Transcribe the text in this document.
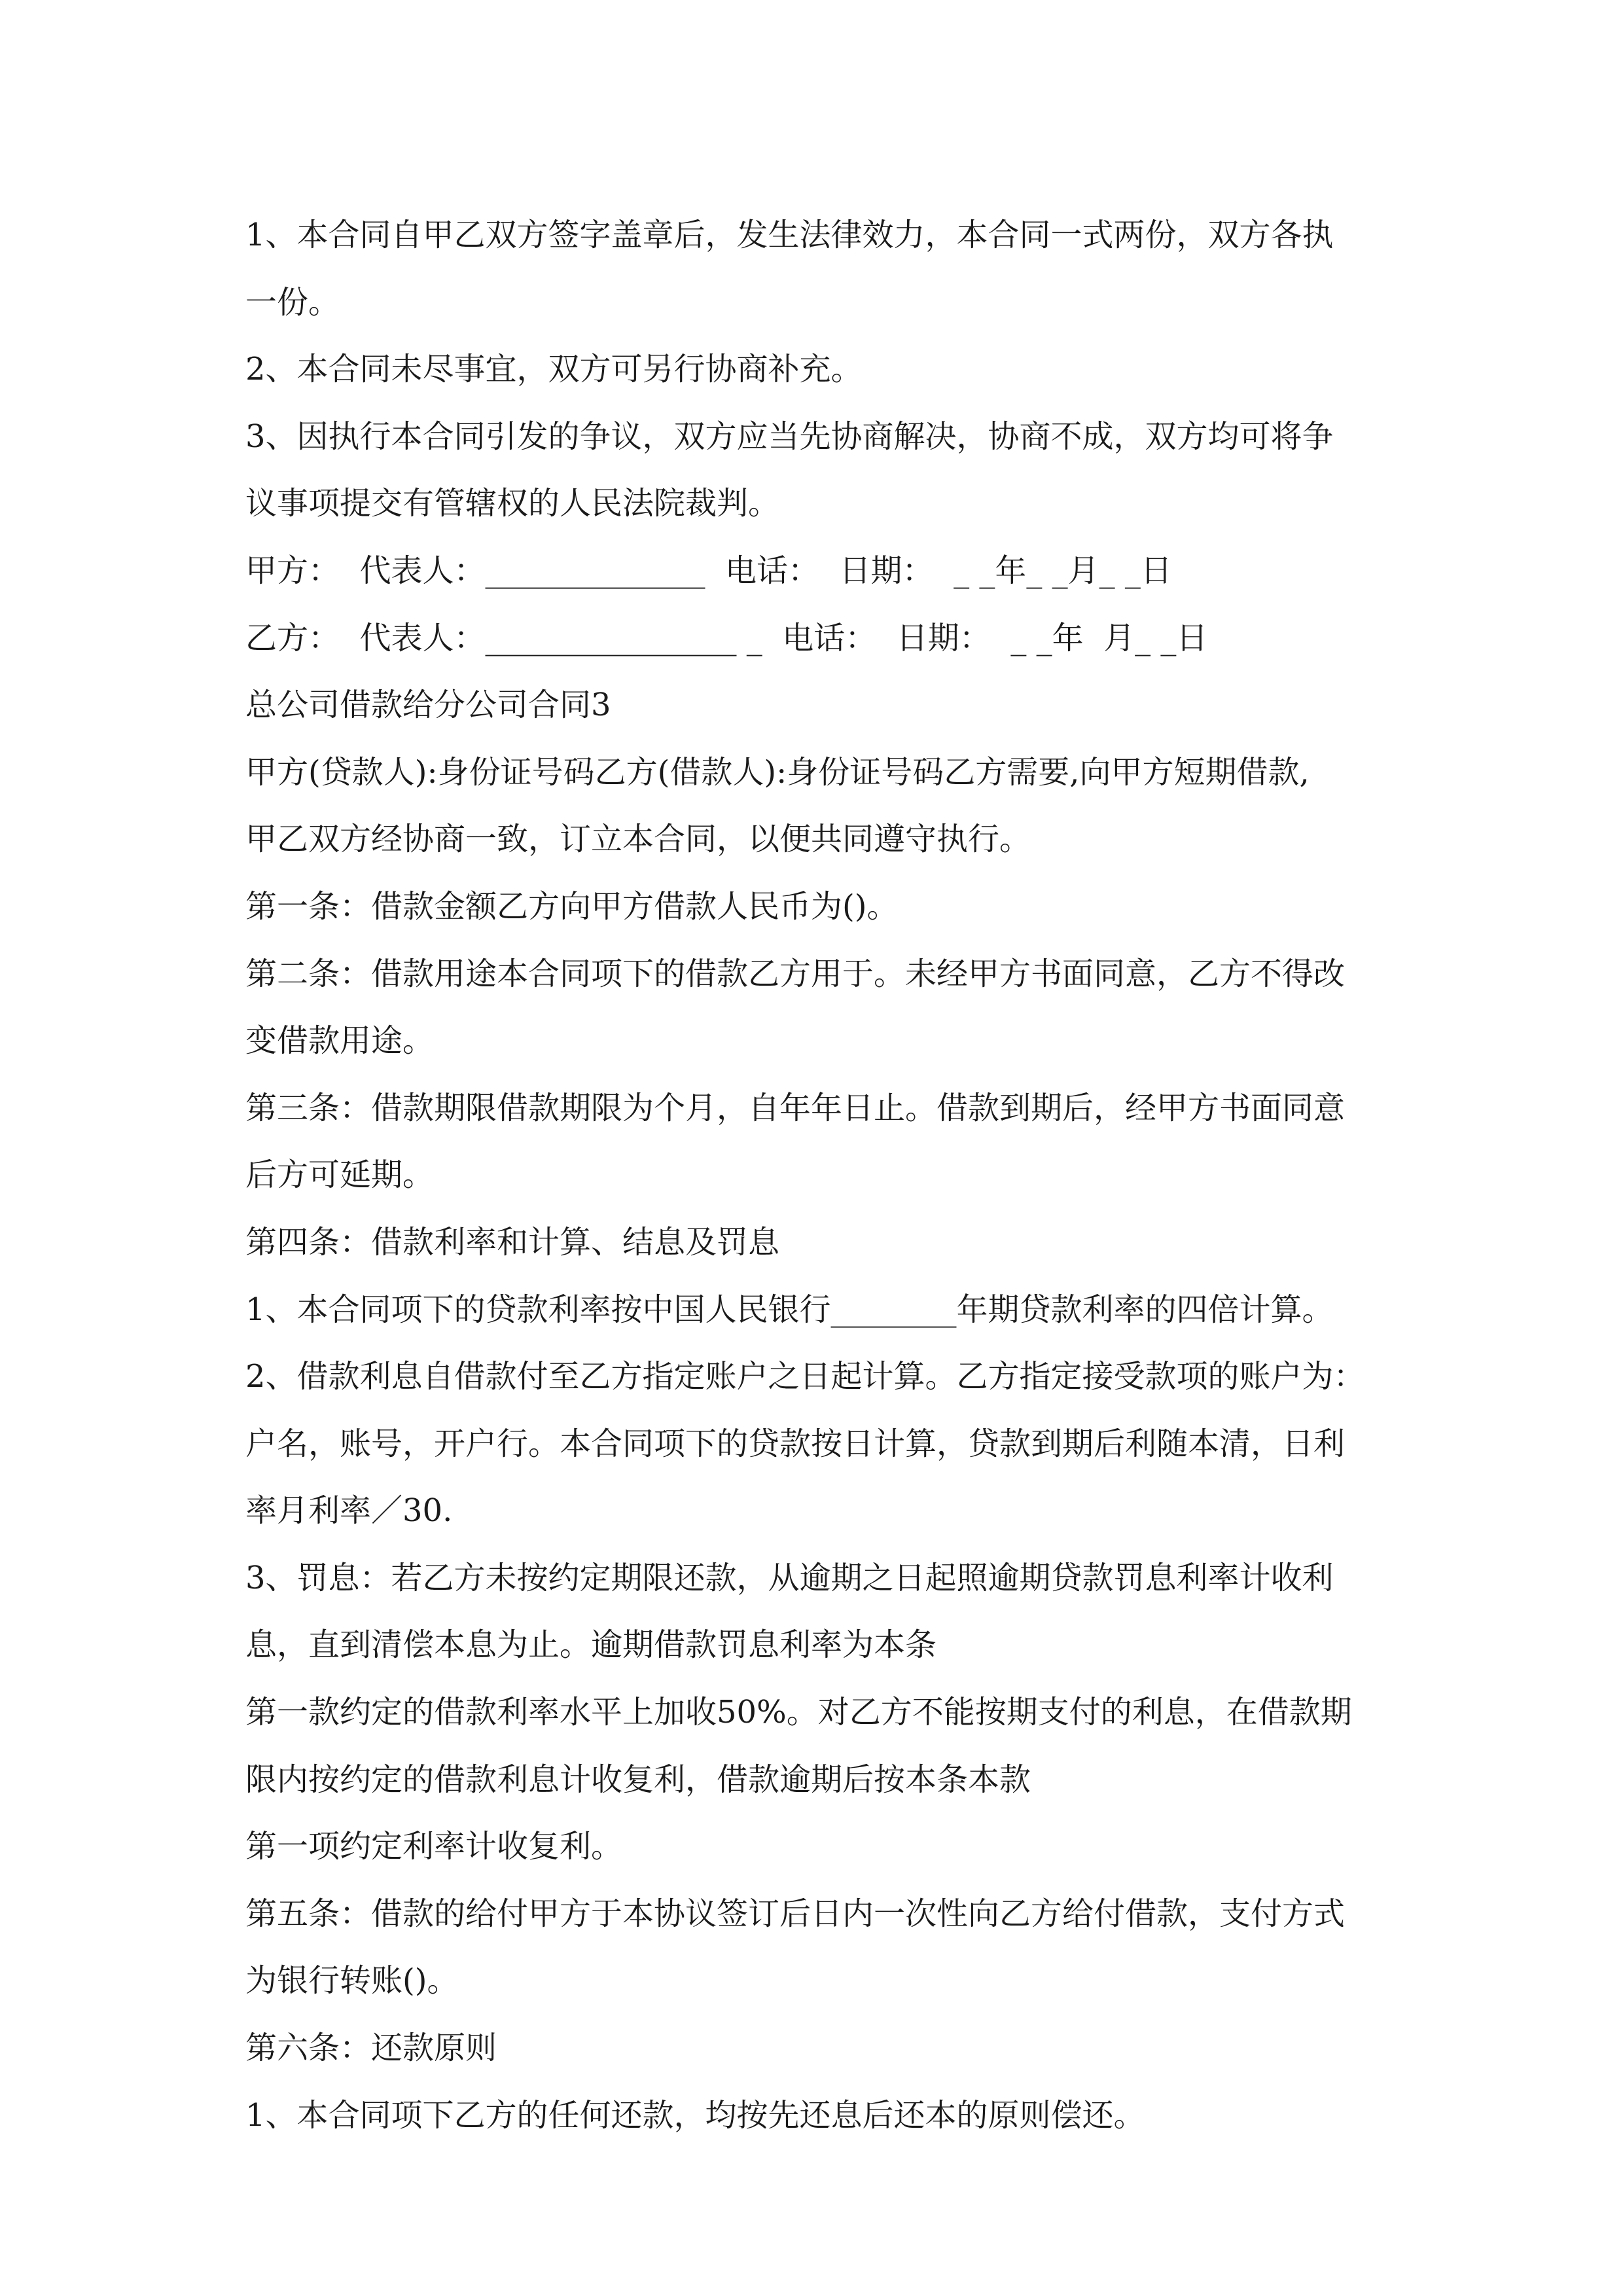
1、本合同自甲乙双方签字盖章后，发生法律效力，本合同一式两份，双方各执
一份。
2、本合同未尽事宜，双方可另行协商补充。
3、因执行本合同引发的争议，双方应当先协商解决，协商不成，双方均可将争
议事项提交有管辖权的人民法院裁判。
甲方：  代表人：______________  电话：  日期：  _ _年_ _月_ _日
乙方：  代表人：________________ _  电话：  日期：  _ _年  月_ _日
总公司借款给分公司合同3
甲方(贷款人):身份证号码乙方(借款人):身份证号码乙方需要,向甲方短期借款,
甲乙双方经协商一致，订立本合同，以便共同遵守执行。
第一条：借款金额乙方向甲方借款人民币为()。
第二条：借款用途本合同项下的借款乙方用于。未经甲方书面同意，乙方不得改
变借款用途。
第三条：借款期限借款期限为个月，自年年日止。借款到期后，经甲方书面同意
后方可延期。
第四条：借款利率和计算、结息及罚息
1、本合同项下的贷款利率按中国人民银行________年期贷款利率的四倍计算。
2、借款利息自借款付至乙方指定账户之日起计算。乙方指定接受款项的账户为：
户名，账号，开户行。本合同项下的贷款按日计算，贷款到期后利随本清，日利
率月利率／30.
3、罚息：若乙方未按约定期限还款，从逾期之日起照逾期贷款罚息利率计收利
息，直到清偿本息为止。逾期借款罚息利率为本条
第一款约定的借款利率水平上加收50%。对乙方不能按期支付的利息，在借款期
限内按约定的借款利息计收复利，借款逾期后按本条本款
第一项约定利率计收复利。
第五条：借款的给付甲方于本协议签订后日内一次性向乙方给付借款，支付方式
为银行转账()。
第六条：还款原则
1、本合同项下乙方的任何还款，均按先还息后还本的原则偿还。
